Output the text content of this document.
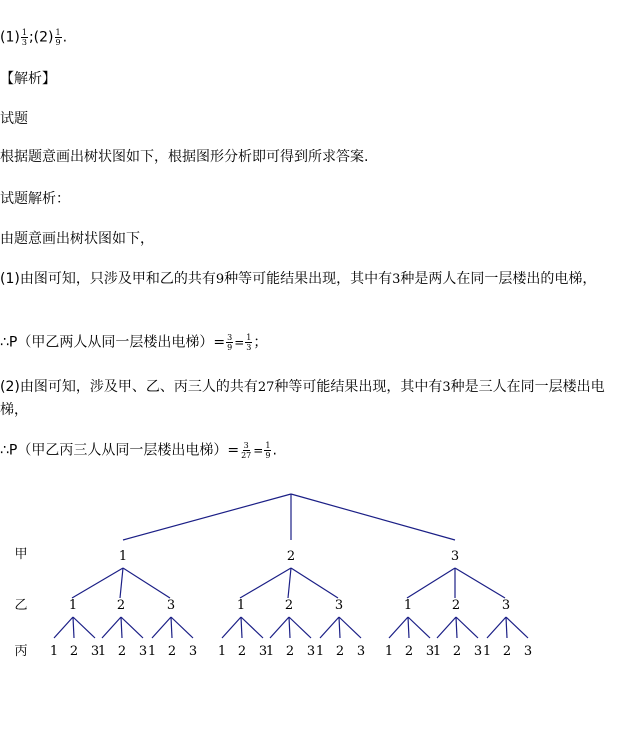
$(1) \frac{1}{3}$ ;(2) $\frac{1}{9}$ .
【解析】
试题
根据题意画出树状图如下，根据图形分析即可得到所求答案.
试题解析：
由题意画出树状图如下，
(1)由图可知，只涉及甲和乙的共有9种等可能结果出现，其中有3种是两人在同一层楼出的电梯，
∴P（甲乙两人从同一层楼出电梯）= $\frac{3}{9} = \frac{1}{3}$ ；
(2)由图可知，涉及甲、乙、丙三人的共有27种等可能结果出现，其中有3种是三人在同一层楼出电梯，
∴P（甲乙丙三人从同一层楼出电梯）= $\frac{3}{27} = \frac{1}{9}$ .
甲
乙
丙
1
1
1 2 3
2
1 2 3
3
1 2 3
2
1
1 2 3
2
1 2 3
3
1 2 3
3
1
1 2 3
2
1 2 3
3
1 2 3
